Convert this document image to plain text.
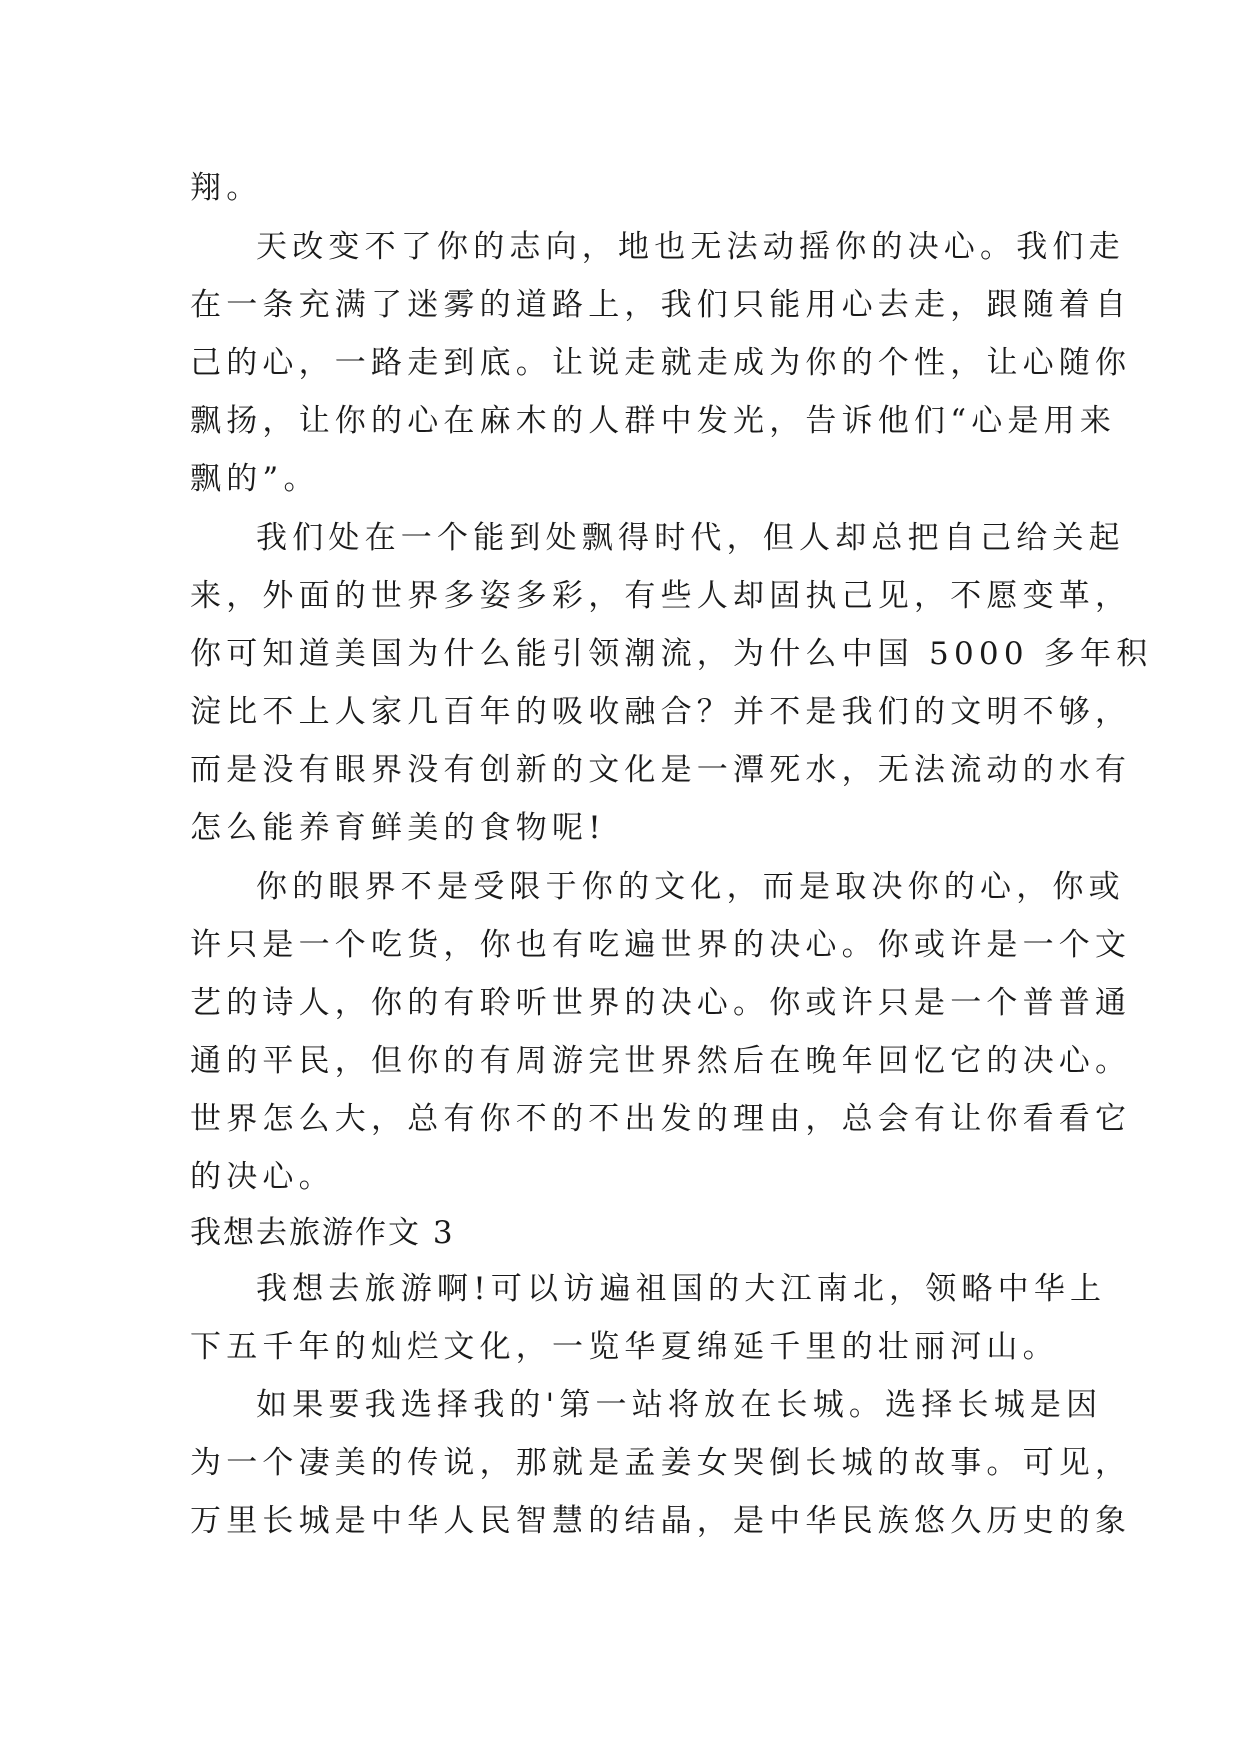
翔。
天改变不了你的志向，地也无法动摇你的决心。我们走
在一条充满了迷雾的道路上，我们只能用心去走，跟随着自
己的心，一路走到底。让说走就走成为你的个性，让心随你
飘扬，让你的心在麻木的人群中发光，告诉他们“心是用来
飘的”。
我们处在一个能到处飘得时代，但人却总把自己给关起
来，外面的世界多姿多彩，有些人却固执己见，不愿变革，
你可知道美国为什么能引领潮流，为什么中国 5000 多年积
淀比不上人家几百年的吸收融合？并不是我们的文明不够，
而是没有眼界没有创新的文化是一潭死水，无法流动的水有
怎么能养育鲜美的食物呢!
你的眼界不是受限于你的文化，而是取决你的心，你或
许只是一个吃货，你也有吃遍世界的决心。你或许是一个文
艺的诗人，你的有聆听世界的决心。你或许只是一个普普通
通的平民，但你的有周游完世界然后在晚年回忆它的决心。
世界怎么大，总有你不的不出发的理由，总会有让你看看它
的决心。
我想去旅游作文 3
我想去旅游啊!可以访遍祖国的大江南北，领略中华上
下五千年的灿烂文化，一览华夏绵延千里的壮丽河山。
如果要我选择我的'第一站将放在长城。选择长城是因
为一个凄美的传说，那就是孟姜女哭倒长城的故事。可见，
万里长城是中华人民智慧的结晶，是中华民族悠久历史的象
